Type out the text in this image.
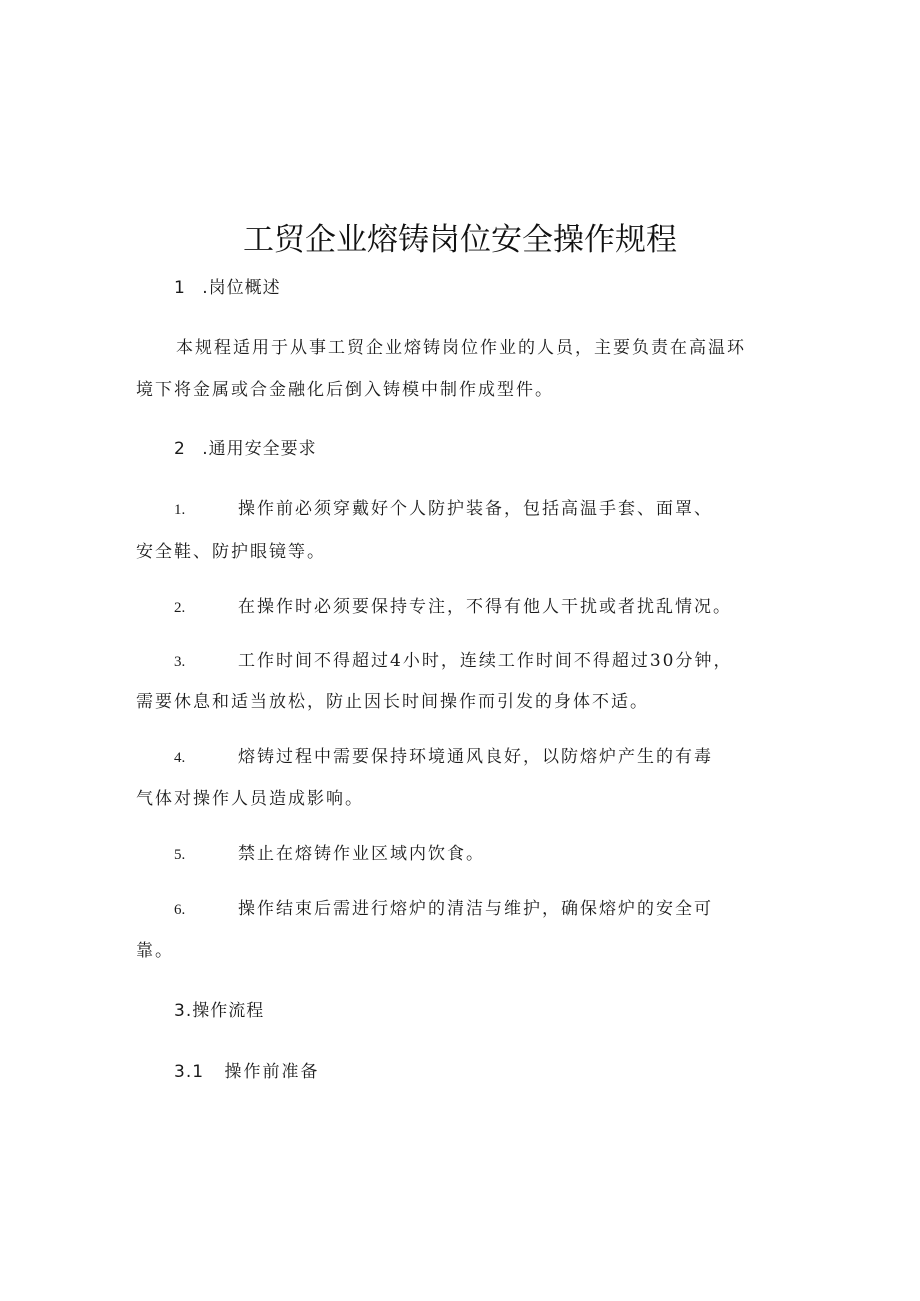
工贸企业熔铸岗位安全操作规程
1 .岗位概述
本规程适用于从事工贸企业熔铸岗位作业的人员，主要负责在高温环
境下将金属或合金融化后倒入铸模中制作成型件。
2 .通用安全要求
1.	操作前必须穿戴好个人防护装备，包括高温手套、面罩、
安全鞋、防护眼镜等。
2.	在操作时必须要保持专注，不得有他人干扰或者扰乱情况。
3.	工作时间不得超过4小时，连续工作时间不得超过30分钟，
需要休息和适当放松，防止因长时间操作而引发的身体不适。
4.	熔铸过程中需要保持环境通风良好，以防熔炉产生的有毒
气体对操作人员造成影响。
5.	禁止在熔铸作业区域内饮食。
6.	操作结束后需进行熔炉的清洁与维护，确保熔炉的安全可
靠。
3.操作流程
3.1 操作前准备
